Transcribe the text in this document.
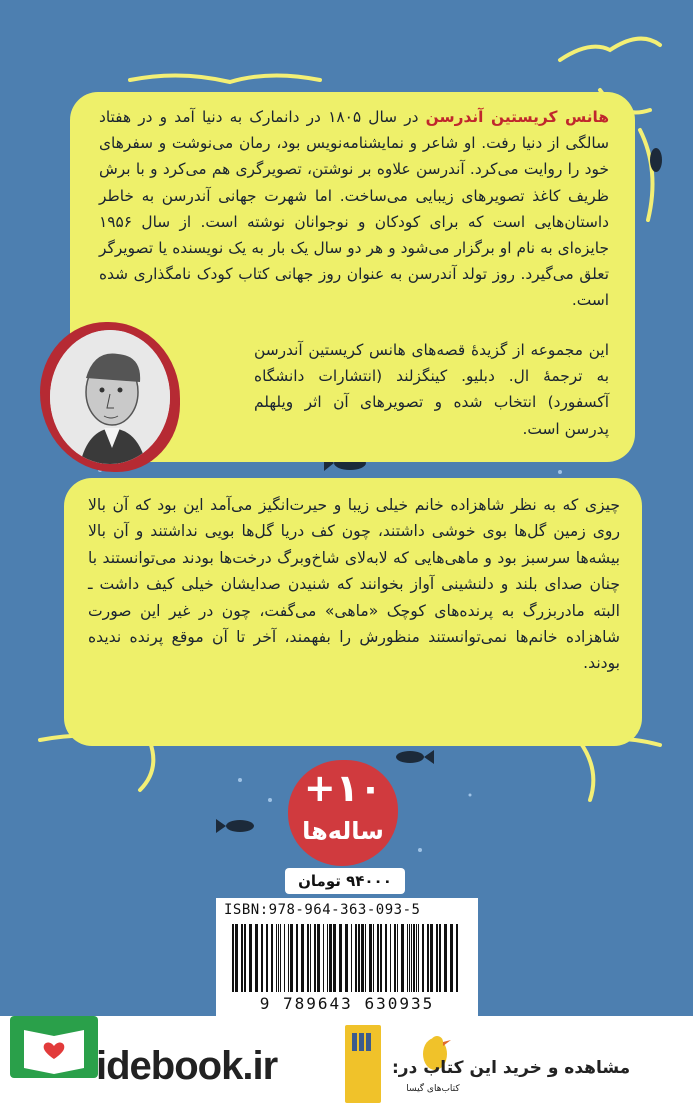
هانس کریستین آندرسن در سال ۱۸۰۵ در دانمارک به دنیا آمد و در هفتاد سالگی از دنیا رفت. او شاعر و نمایشنامه‌نویس بود، رمان می‌نوشت و سفرهای خود را روایت می‌کرد. آندرسن علاوه بر نوشتن، تصویرگری هم می‌کرد و با برش ظریف کاغذ تصویرهای زیبایی می‌ساخت. اما شهرت جهانی آندرسن به خاطر داستان‌هایی است که برای کودکان و نوجوانان نوشته است. از سال ۱۹۵۶ جایزه‌ای به نام او برگزار می‌شود و هر دو سال یک بار به یک نویسنده یا تصویرگر تعلق می‌گیرد. روز تولد آندرسن به عنوان روز جهانی کتاب کودک نامگذاری شده است.

این مجموعه از گزیدهٔ قصه‌های هانس کریستین آندرسن به ترجمهٔ ال. دبلیو. کینگزلند (انتشارات دانشگاه آکسفورد) انتخاب شده و تصویرهای آن اثر ویلهلم پدرسن است.

چیزی که به نظر شاهزاده خانم خیلی زیبا و حیرت‌انگیز می‌آمد این بود که آن بالا روی زمین گل‌ها بوی خوشی داشتند، چون کف دریا گل‌ها بویی نداشتند و آن بالا بیشه‌ها سرسبز بود و ماهی‌هایی که لابه‌لای شاخ‌وبرگ درخت‌ها بودند می‌توانستند با چنان صدای بلند و دلنشینی آواز بخوانند که شنیدن صدایشان خیلی کیف داشت ـ البته مادربزرگ به پرنده‌های کوچک «ماهی» می‌گفت، چون در غیر این صورت شاهزاده خانم‌ها نمی‌توانستند منظورش را بفهمند، آخر تا آن موقع پرنده ندیده بودند.

+۱۰
ساله‌ها
۹۴۰۰۰ تومان
ISBN:978-964-363-093-5
9 789643 630935
idebook.ir
کتاب‌های گیسا
مشاهده و خرید این کتاب در:
